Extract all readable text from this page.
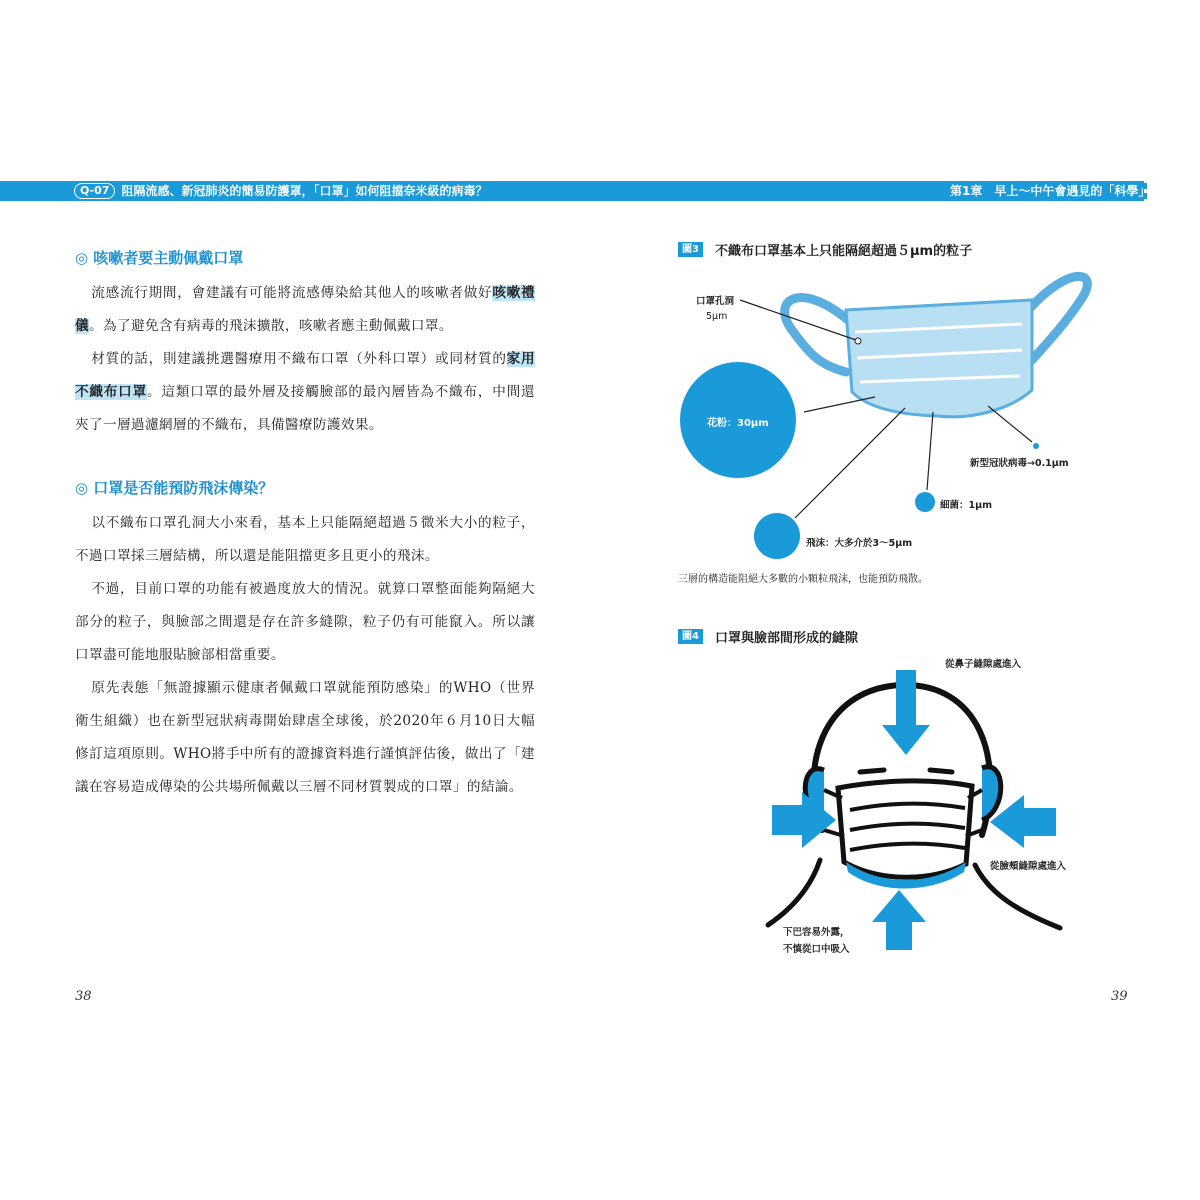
Q-07 阻隔流感、新冠肺炎的簡易防護罩，「口罩」如何阻擋奈米級的病毒？	第1章　早上～中午會遇見的「科學」
◎ 咳嗽者要主動佩戴口罩

流感流行期間，會建議有可能將流感傳染給其他人的咳嗽者做好咳嗽禮儀。為了避免含有病毒的飛沫擴散，咳嗽者應主動佩戴口罩。

材質的話，則建議挑選醫療用不織布口罩（外科口罩）或同材質的家用不織布口罩。這類口罩的最外層及接觸臉部的最內層皆為不織布，中間還夾了一層過濾網層的不織布，具備醫療防護效果。

◎ 口罩是否能預防飛沫傳染？

以不織布口罩孔洞大小來看，基本上只能隔絕超過５微米大小的粒子，不過口罩採三層結構，所以還是能阻擋更多且更小的飛沫。

不過，目前口罩的功能有被過度放大的情況。就算口罩整面能夠隔絕大部分的粒子，與臉部之間還是存在許多縫隙，粒子仍有可能竄入。所以讓口罩盡可能地服貼臉部相當重要。

原先表態「無證據顯示健康者佩戴口罩就能預防感染」的WHO（世界衛生組織）也在新型冠狀病毒開始肆虐全球後，於2020年６月10日大幅修訂這項原則。WHO將手中所有的證據資料進行謹慎評估後，做出了「建議在容易造成傳染的公共場所佩戴以三層不同材質製成的口罩」的結論。

38
圖3	不織布口罩基本上只能隔絕超過５μm的粒子
花粉：30μm
口罩孔洞
5μm
新型冠狀病毒→0.1μm
細菌：1μm
飛沫：大多介於3～5μm
三層的構造能阻絕大多數的小顆粒飛沫，也能預防飛散。
圖4	口罩與臉部間形成的縫隙
從鼻子縫隙處進入
從臉頰縫隙處進入
下巴容易外露，
不慎從口中吸入
39
